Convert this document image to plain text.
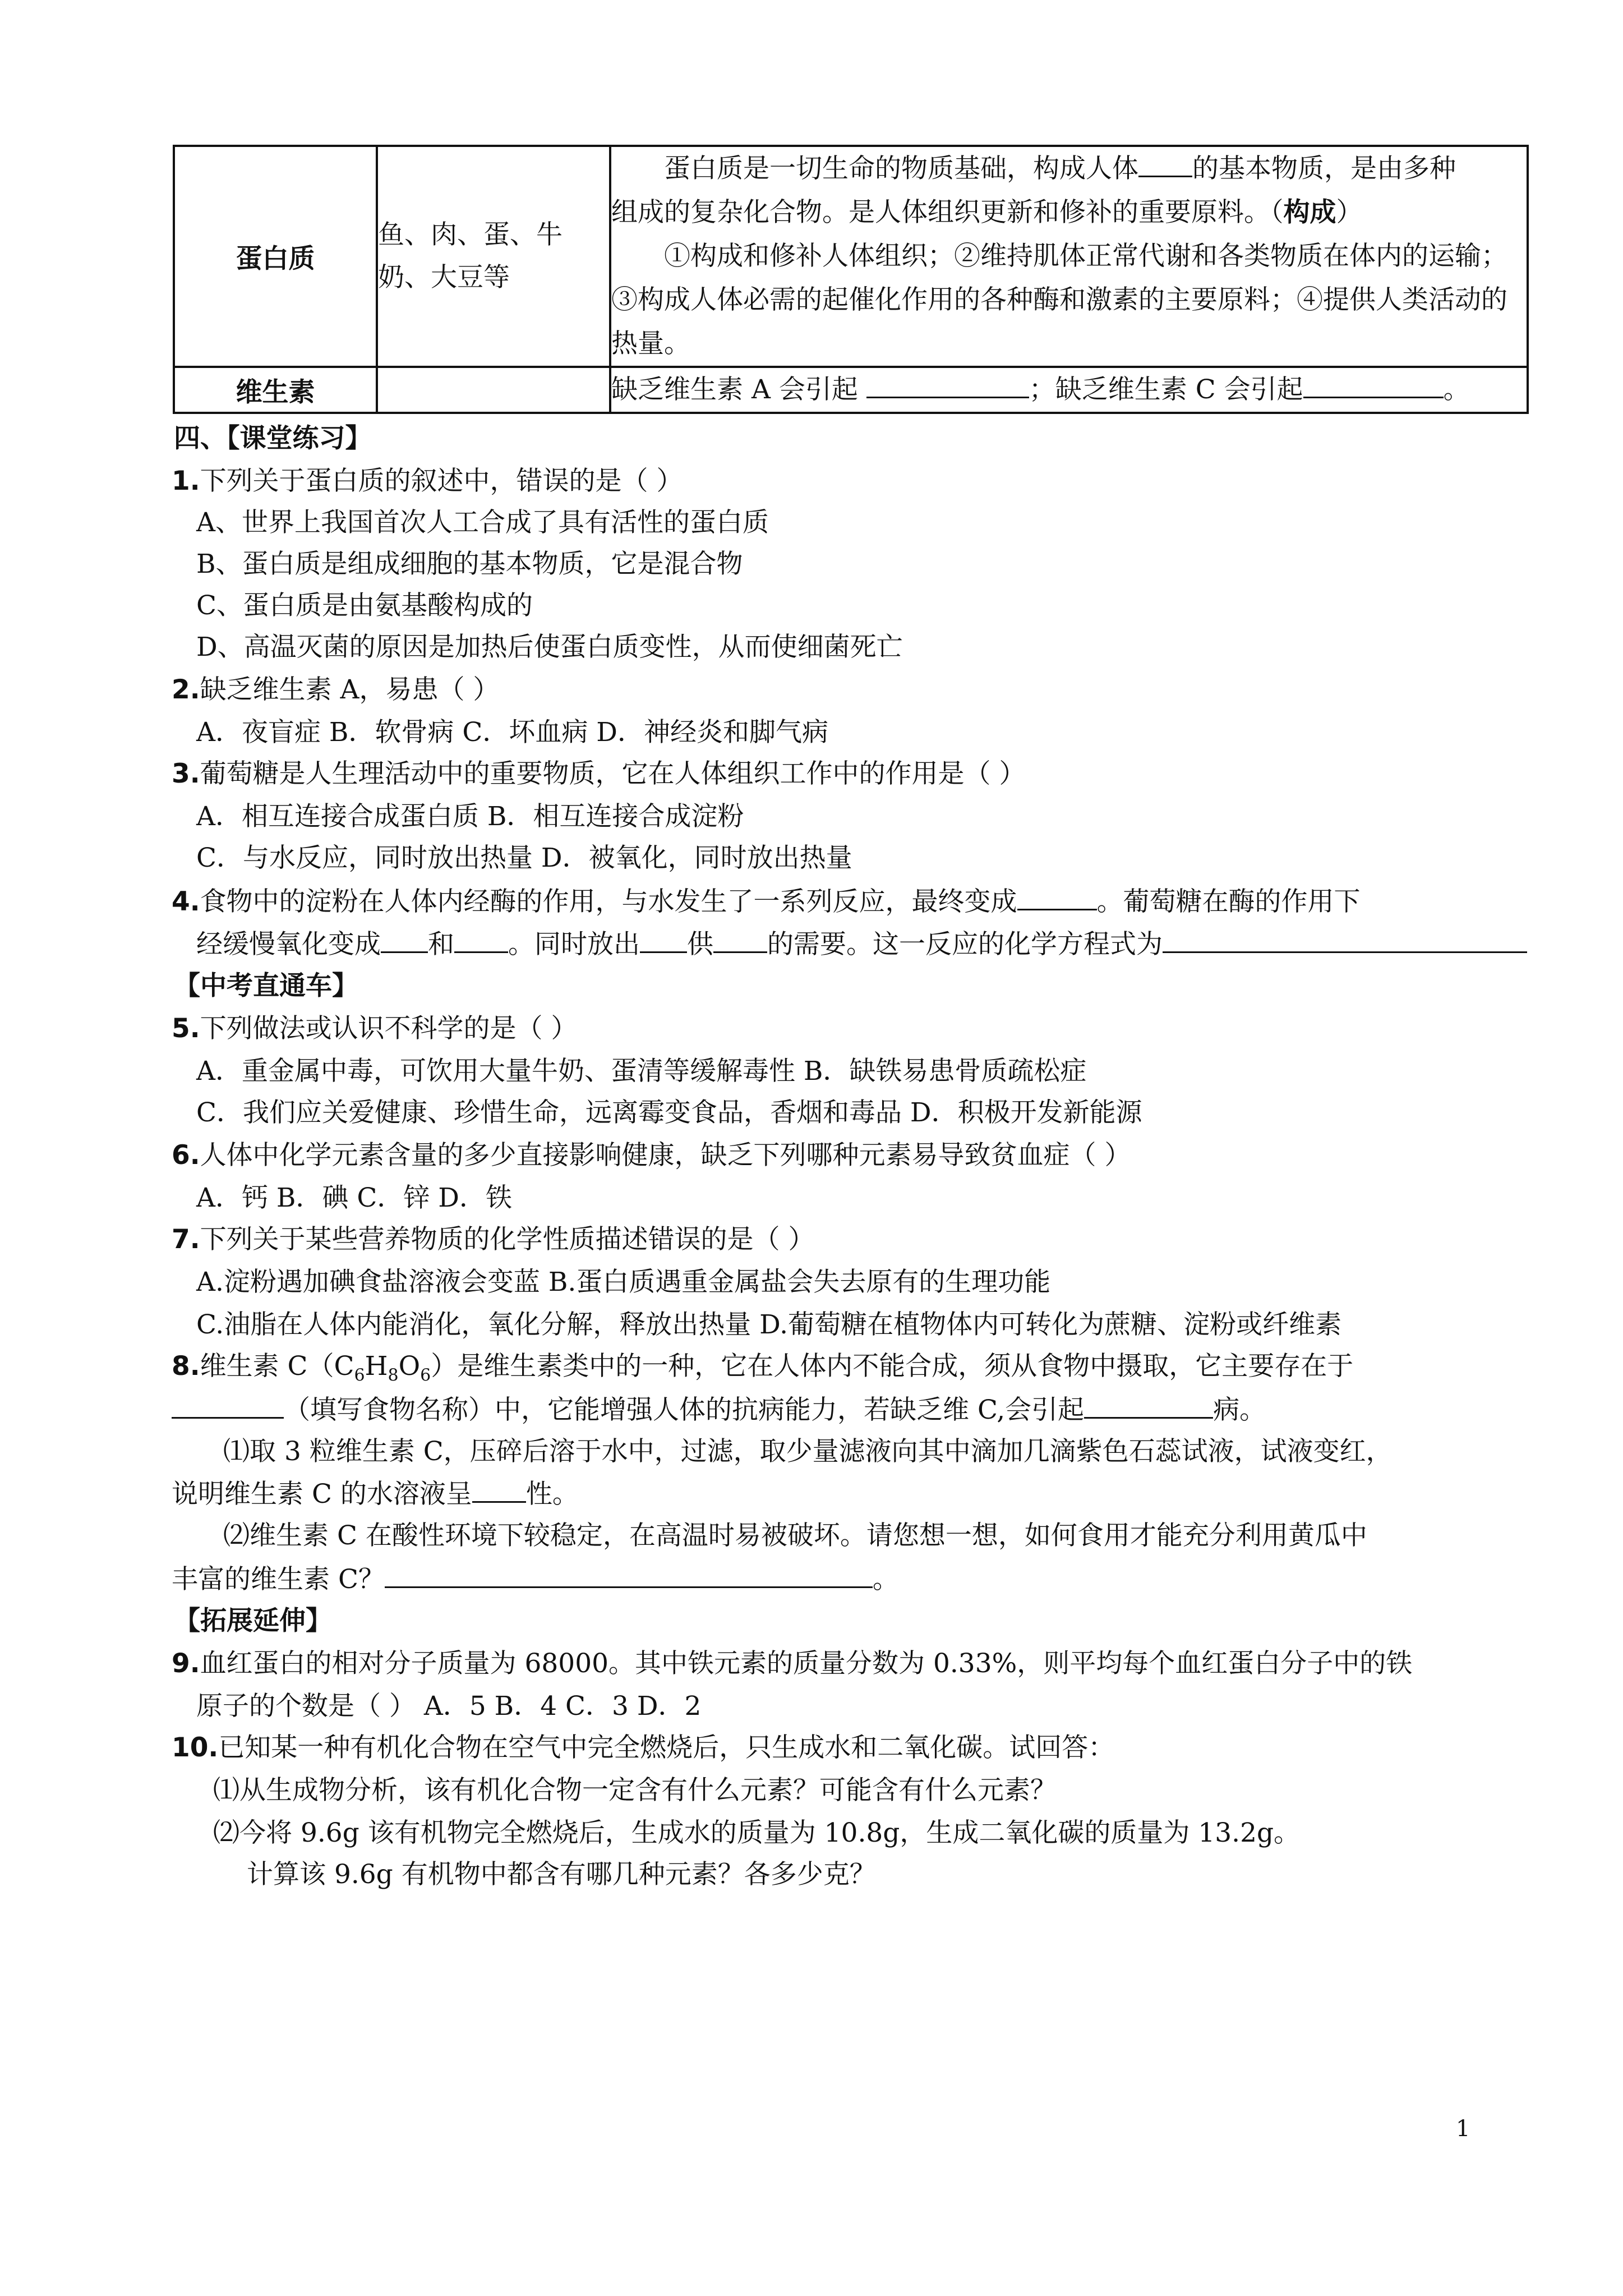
蛋白质	鱼、肉、蛋、牛奶、大豆等	蛋白质是一切生命的物质基础，构成人体 的基本物质，是由多种
组成的复杂化合物。是人体组织更新和修补的重要原料。（构成）
①构成和修补人体组织；②维持肌体正常代谢和各类物质在体内的运输；③构成人体必需的起催化作用的各种酶和激素的主要原料；④提供人类活动的热量。

维生素		缺乏维生素 A 会引起 ；缺乏维生素 C 会引起 。
四、【课堂练习】
1.下列关于蛋白质的叙述中，错误的是（ ）
A、世界上我国首次人工合成了具有活性的蛋白质
B、蛋白质是组成细胞的基本物质，它是混合物
C、蛋白质是由氨基酸构成的
D、高温灭菌的原因是加热后使蛋白质变性，从而使细菌死亡
2.缺乏维生素 A，易患（ ）
A．夜盲症 B．软骨病 C．坏血病 D．神经炎和脚气病
3.葡萄糖是人生理活动中的重要物质，它在人体组织工作中的作用是（ ）
A．相互连接合成蛋白质 B．相互连接合成淀粉
C．与水反应，同时放出热量 D．被氧化，同时放出热量
4.食物中的淀粉在人体内经酶的作用，与水发生了一系列反应，最终变成	。葡萄糖在酶的作用下
经缓慢氧化变成 和 。同时放出 供 的需要。这一反应的化学方程式为
【中考直通车】
5.下列做法或认识不科学的是（ ）
A．重金属中毒，可饮用大量牛奶、蛋清等缓解毒性 B．缺铁易患骨质疏松症
C．我们应关爱健康、珍惜生命，远离霉变食品，香烟和毒品 D．积极开发新能源
6.人体中化学元素含量的多少直接影响健康，缺乏下列哪种元素易导致贫血症（ ）
A．钙 B．碘 C．锌 D．铁
7.下列关于某些营养物质的化学性质描述错误的是（ ）
A.淀粉遇加碘食盐溶液会变蓝 B.蛋白质遇重金属盐会失去原有的生理功能
C.油脂在人体内能消化，氧化分解，释放出热量 D.葡萄糖在植物体内可转化为蔗糖、淀粉或纤维素
8.维生素 $C(C_6H_8O_6)$是维生素类中的一种，它在人体内不能合成，须从食物中摄取，它主要存在于
（填写食物名称）中，它能增强人体的抗病能力，若缺乏维 C,会引起	病。
⑴取 3 粒维生素 C，压碎后溶于水中，过滤，取少量滤液向其中滴加几滴紫色石蕊试液，试液变红，
说明维生素 C 的水溶液呈 性。
⑵维生素 C 在酸性环境下较稳定，在高温时易被破坏。请您想一想，如何食用才能充分利用黄瓜中
丰富的维生素 C？	。
【拓展延伸】
9.血红蛋白的相对分子质量为 68000。其中铁元素的质量分数为 0.33%，则平均每个血红蛋白分子中的铁
原子的个数是（ ） A．5 B．4 C．3 D．2
10.已知某一种有机化合物在空气中完全燃烧后，只生成水和二氧化碳。试回答：
⑴从生成物分析，该有机化合物一定含有什么元素？可能含有什么元素？
⑵今将 9.6g 该有机物完全燃烧后，生成水的质量为 10.8g，生成二氧化碳的质量为 13.2g。
计算该 9.6g 有机物中都含有哪几种元素？各多少克？
1
